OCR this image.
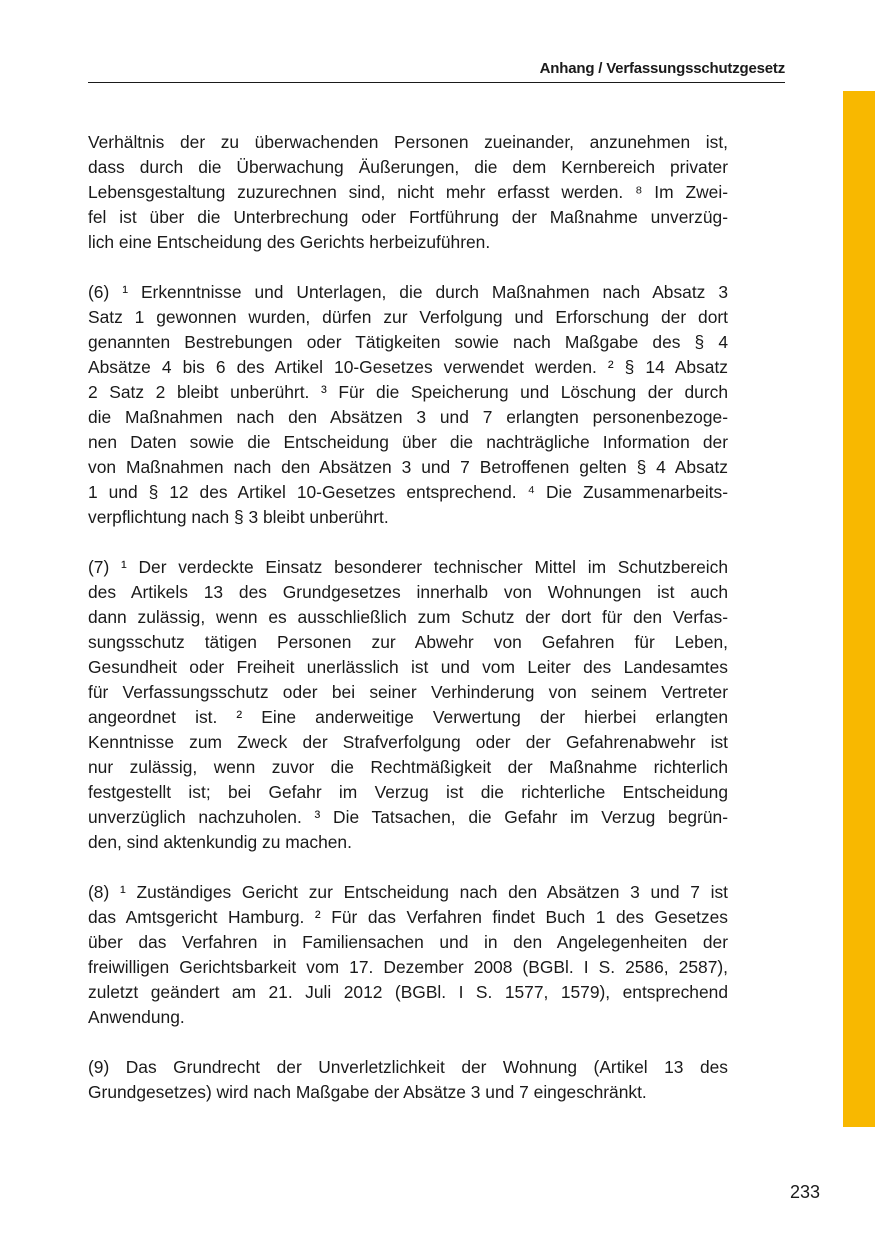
Anhang / Verfassungsschutzgesetz

Verhältnis der zu überwachenden Personen zueinander, anzunehmen ist,
dass durch die Überwachung Äußerungen, die dem Kernbereich privater
Lebensgestaltung zuzurechnen sind, nicht mehr erfasst werden. ⁸ Im Zwei-
fel ist über die Unterbrechung oder Fortführung der Maßnahme unverzüg-
lich eine Entscheidung des Gerichts herbeizuführen.

(6) ¹ Erkenntnisse und Unterlagen, die durch Maßnahmen nach Absatz 3
Satz 1 gewonnen wurden, dürfen zur Verfolgung und Erforschung der dort
genannten Bestrebungen oder Tätigkeiten sowie nach Maßgabe des § 4
Absätze 4 bis 6 des Artikel 10-Gesetzes verwendet werden. ² § 14 Absatz
2 Satz 2 bleibt unberührt. ³ Für die Speicherung und Löschung der durch
die Maßnahmen nach den Absätzen 3 und 7 erlangten personenbezoge-
nen Daten sowie die Entscheidung über die nachträgliche Information der
von Maßnahmen nach den Absätzen 3 und 7 Betroffenen gelten § 4 Absatz
1 und § 12 des Artikel 10-Gesetzes entsprechend. ⁴ Die Zusammenarbeits-
verpflichtung nach § 3 bleibt unberührt.

(7) ¹ Der verdeckte Einsatz besonderer technischer Mittel im Schutzbereich
des Artikels 13 des Grundgesetzes innerhalb von Wohnungen ist auch
dann zulässig, wenn es ausschließlich zum Schutz der dort für den Verfas-
sungsschutz tätigen Personen zur Abwehr von Gefahren für Leben,
Gesundheit oder Freiheit unerlässlich ist und vom Leiter des Landesamtes
für Verfassungsschutz oder bei seiner Verhinderung von seinem Vertreter
angeordnet ist. ² Eine anderweitige Verwertung der hierbei erlangten
Kenntnisse zum Zweck der Strafverfolgung oder der Gefahrenabwehr ist
nur zulässig, wenn zuvor die Rechtmäßigkeit der Maßnahme richterlich
festgestellt ist; bei Gefahr im Verzug ist die richterliche Entscheidung
unverzüglich nachzuholen. ³ Die Tatsachen, die Gefahr im Verzug begrün-
den, sind aktenkundig zu machen.

(8) ¹ Zuständiges Gericht zur Entscheidung nach den Absätzen 3 und 7 ist
das Amtsgericht Hamburg. ² Für das Verfahren findet Buch 1 des Gesetzes
über das Verfahren in Familiensachen und in den Angelegenheiten der
freiwilligen Gerichtsbarkeit vom 17. Dezember 2008 (BGBl. I S. 2586, 2587),
zuletzt geändert am 21. Juli 2012 (BGBl. I S. 1577, 1579), entsprechend
Anwendung.

(9) Das Grundrecht der Unverletzlichkeit der Wohnung (Artikel 13 des
Grundgesetzes) wird nach Maßgabe der Absätze 3 und 7 eingeschränkt.

233
